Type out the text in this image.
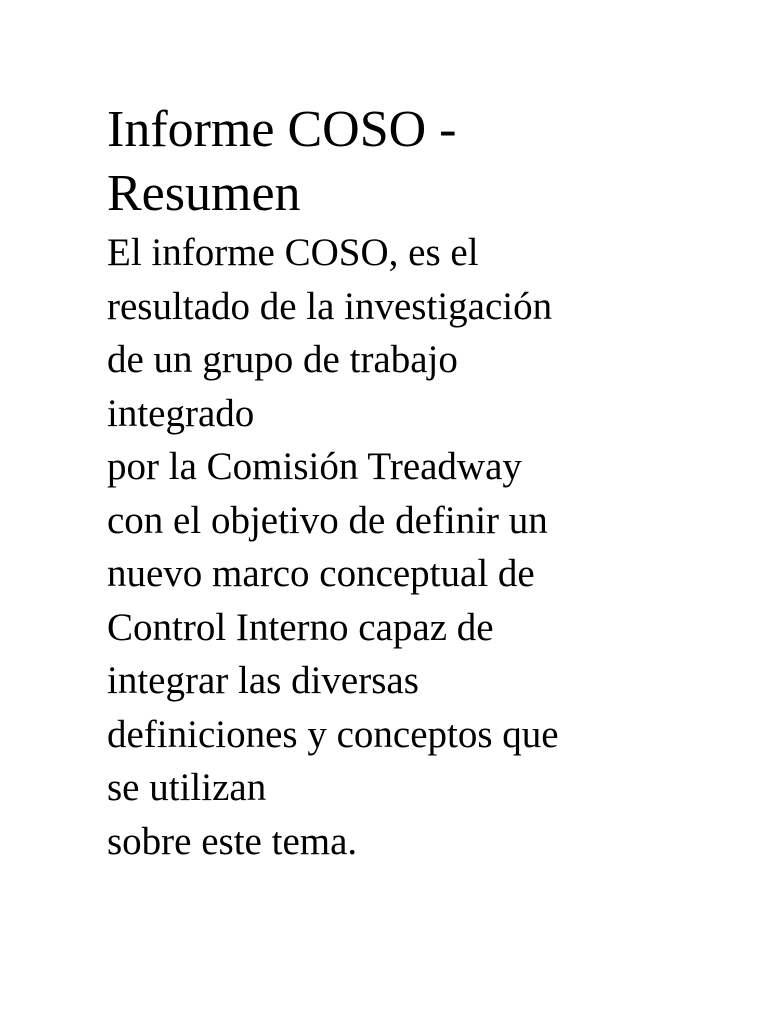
Informe COSO -
Resumen

El informe COSO, es el
resultado de la investigación
de un grupo de trabajo
integrado
por la Comisión Treadway
con el objetivo de definir un
nuevo marco conceptual de
Control Interno capaz de
integrar las diversas
definiciones y conceptos que
se utilizan
sobre este tema.
